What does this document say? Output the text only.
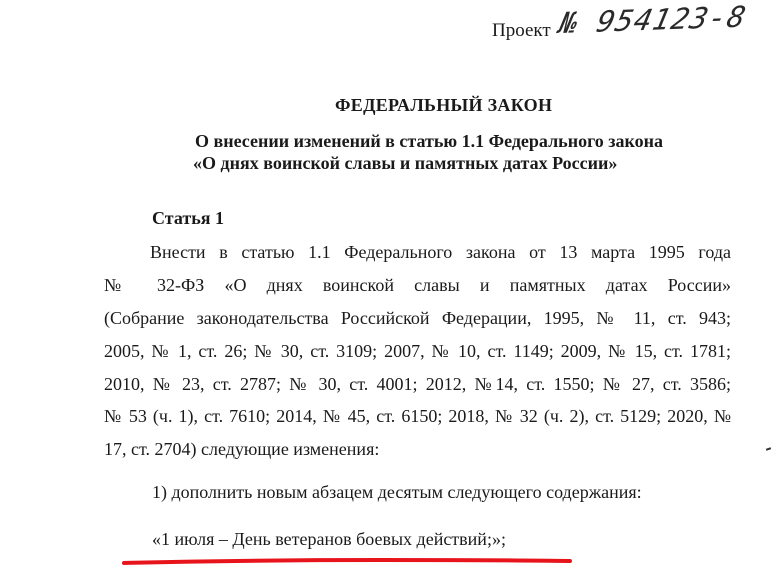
Проект № 954123-8
ФЕДЕРАЛЬНЫЙ ЗАКОН
О внесении изменений в статью 1.1 Федерального закона
«О днях воинской славы и памятных датах России»
Статья 1
Внести в статью 1.1 Федерального закона от 13 марта 1995 года
№ 32-ФЗ «О днях воинской славы и памятных датах России»
(Собрание законодательства Российской Федерации, 1995, № 11, ст. 943;
2005, № 1, ст. 26; № 30, ст. 3109; 2007, № 10, ст. 1149; 2009, № 15, ст. 1781;
2010, № 23, ст. 2787; № 30, ст. 4001; 2012, №14, ст. 1550; № 27, ст. 3586;
№ 53 (ч. 1), ст. 7610; 2014, № 45, ст. 6150; 2018, № 32 (ч. 2), ст. 5129; 2020, №
17, ст. 2704) следующие изменения:
1) дополнить новым абзацем десятым следующего содержания:
«1 июля – День ветеранов боевых действий;»;
